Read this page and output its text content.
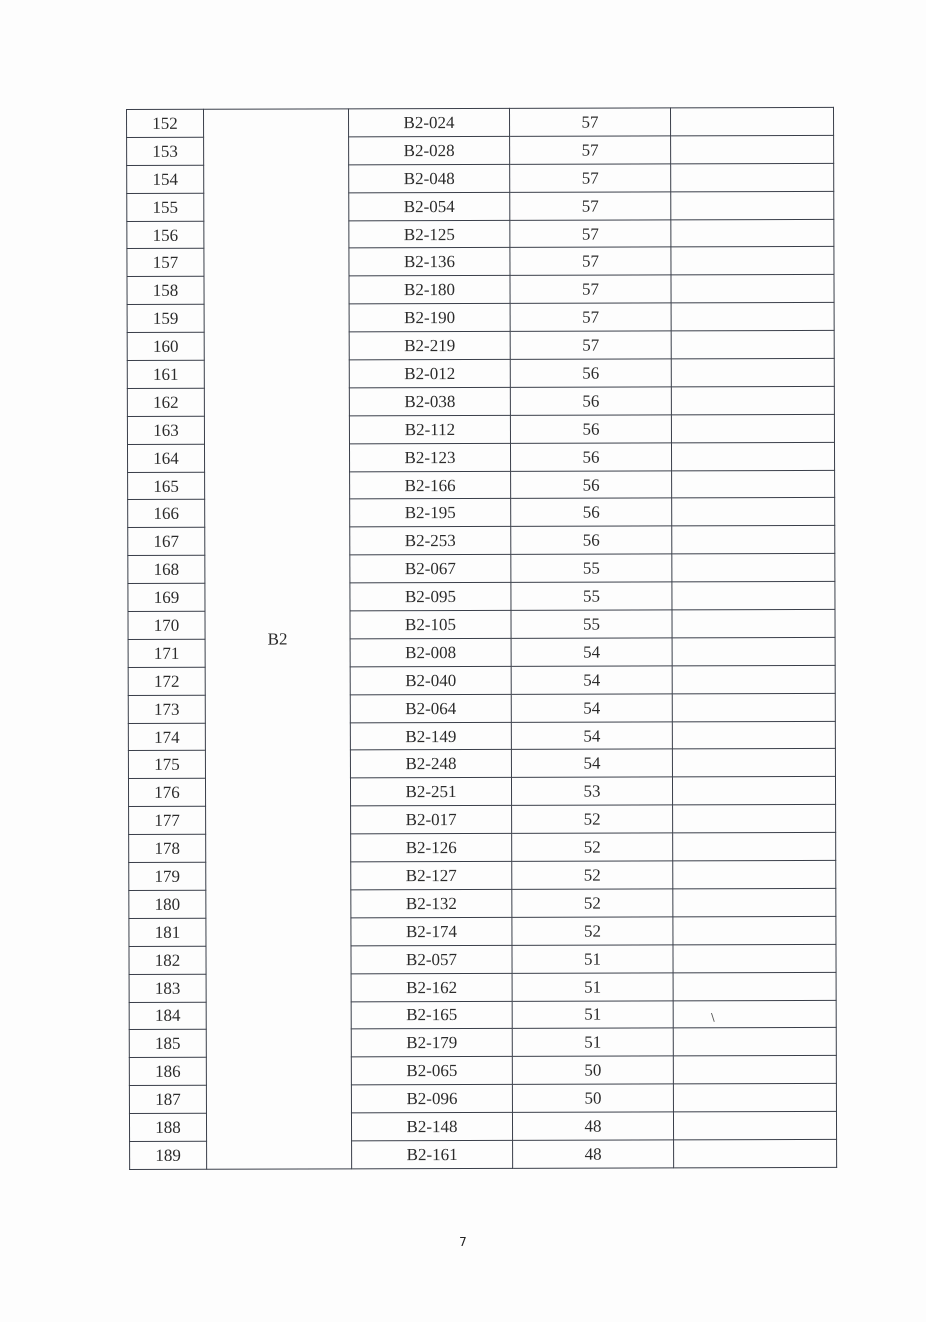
152	B2	B2-024	57	
153		B2-028	57	
154		B2-048	57	
155		B2-054	57	
156		B2-125	57	
157		B2-136	57	
158		B2-180	57	
159		B2-190	57	
160		B2-219	57	
161		B2-012	56	
162		B2-038	56	
163		B2-112	56	
164		B2-123	56	
165		B2-166	56	
166		B2-195	56	
167		B2-253	56	
168		B2-067	55	
169		B2-095	55	
170		B2-105	55	
171		B2-008	54	
172		B2-040	54	
173		B2-064	54	
174		B2-149	54	
175		B2-248	54	
176		B2-251	53	
177		B2-017	52	
178		B2-126	52	
179		B2-127	52	
180		B2-132	52	
181		B2-174	52	
182		B2-057	51	
183		B2-162	51	
184		B2-165	51	
185		B2-179	51	
186		B2-065	50	
187		B2-096	50	
188		B2-148	48	
189		B2-161	48	
\
7
